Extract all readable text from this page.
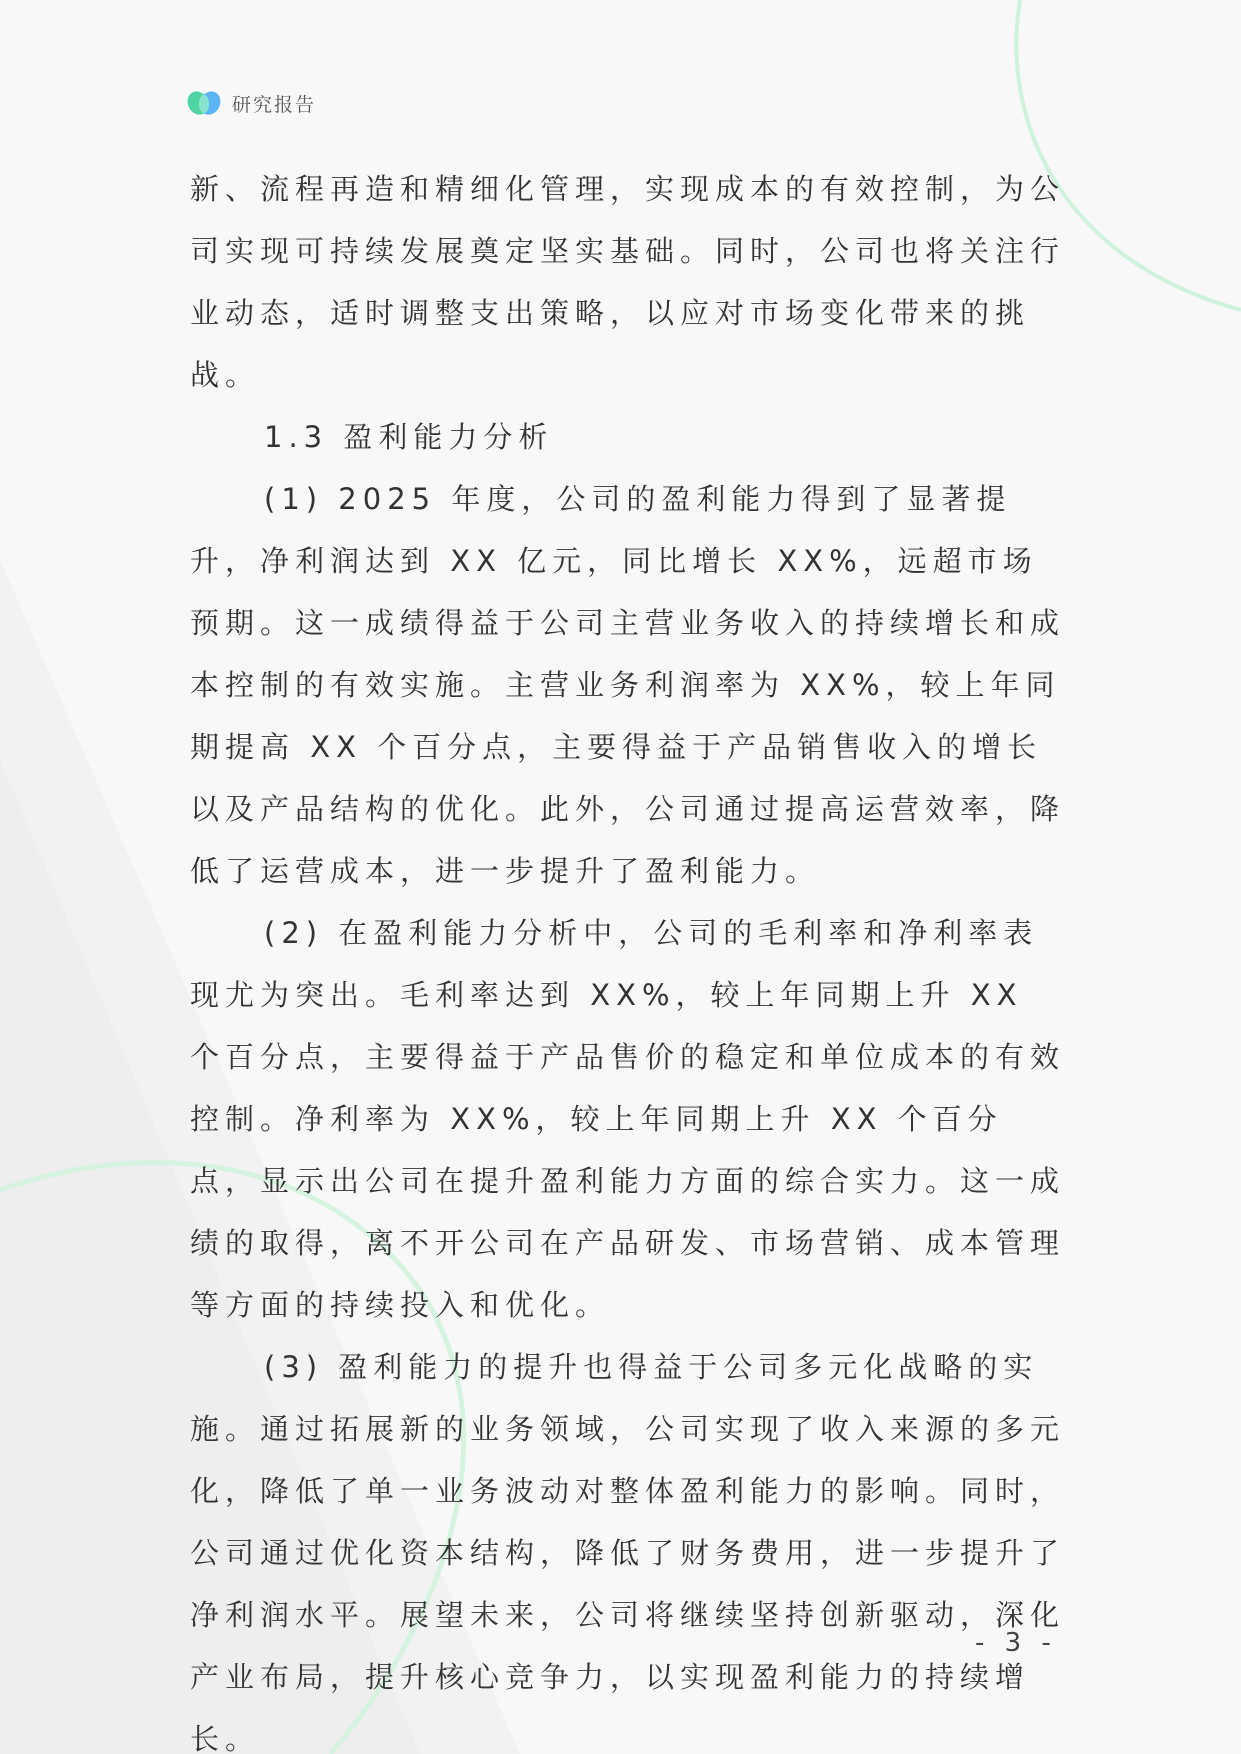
研究报告

新、流程再造和精细化管理，实现成本的有效控制，为公司实现可持续发展奠定坚实基础。同时，公司也将关注行业动态，适时调整支出策略，以应对市场变化带来的挑战。

1.3 盈利能力分析

(1) 2025 年度，公司的盈利能力得到了显著提升，净利润达到 XX 亿元，同比增长 XX%，远超市场预期。这一成绩得益于公司主营业务收入的持续增长和成本控制的有效实施。主营业务利润率为 XX%，较上年同期提高 XX 个百分点，主要得益于产品销售收入的增长以及产品结构的优化。此外，公司通过提高运营效率，降低了运营成本，进一步提升了盈利能力。

(2) 在盈利能力分析中，公司的毛利率和净利率表现尤为突出。毛利率达到 XX%，较上年同期上升 XX 个百分点，主要得益于产品售价的稳定和单位成本的有效控制。净利率为 XX%，较上年同期上升 XX 个百分点，显示出公司在提升盈利能力方面的综合实力。这一成绩的取得，离不开公司在产品研发、市场营销、成本管理等方面的持续投入和优化。

(3) 盈利能力的提升也得益于公司多元化战略的实施。通过拓展新的业务领域，公司实现了收入来源的多元化，降低了单一业务波动对整体盈利能力的影响。同时，公司通过优化资本结构，降低了财务费用，进一步提升了净利润水平。展望未来，公司将继续坚持创新驱动，深化产业布局，提升核心竞争力，以实现盈利能力的持续增长。

- 3 -
